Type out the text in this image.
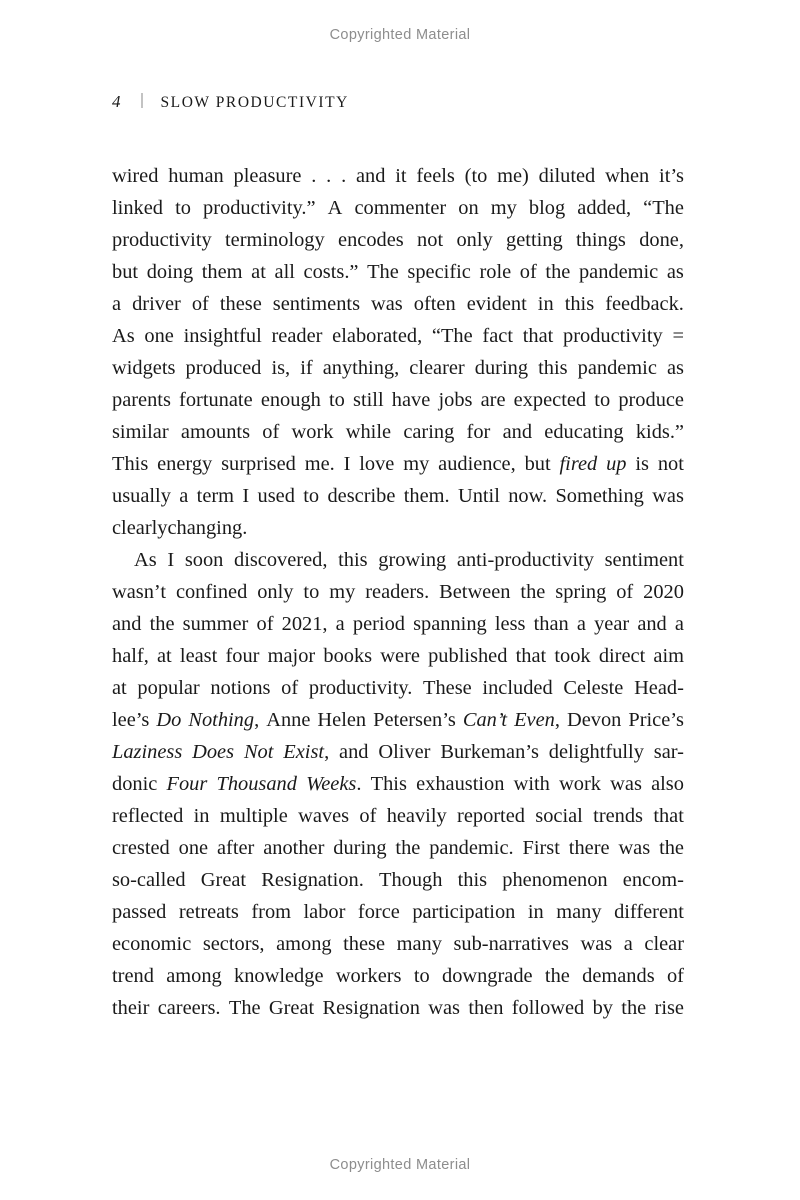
Copyrighted Material
4	SLOW PRODUCTIVITY
wired human pleasure . . . and it feels (to me) diluted when it’s
linked to productivity.” A commenter on my blog added, “The
productivity terminology encodes not only getting things done,
but doing them at all costs.” The specific role of the pandemic as
a driver of these sentiments was often evident in this feedback.
As one insightful reader elaborated, “The fact that productivity =
widgets produced is, if anything, clearer during this pandemic as
parents fortunate enough to still have jobs are expected to produce
similar amounts of work while caring for and educating kids.”
This energy surprised me. I love my audience, but fired up is not
usually a term I used to describe them. Until now. Something was
clearly changing.
As I soon discovered, this growing anti-productivity sentiment
wasn’t confined only to my readers. Between the spring of 2020
and the summer of 2021, a period spanning less than a year and a
half, at least four major books were published that took direct aim
at popular notions of productivity. These included Celeste Head-
lee’s Do Nothing, Anne Helen Petersen’s Can’t Even, Devon Price’s
Laziness Does Not Exist, and Oliver Burkeman’s delightfully sar-
donic Four Thousand Weeks. This exhaustion with work was also
reflected in multiple waves of heavily reported social trends that
crested one after another during the pandemic. First there was the
so-called Great Resignation. Though this phenomenon encom-
passed retreats from labor force participation in many different
economic sectors, among these many sub-narratives was a clear
trend among knowledge workers to downgrade the demands of
their careers. The Great Resignation was then followed by the rise
Copyrighted Material
